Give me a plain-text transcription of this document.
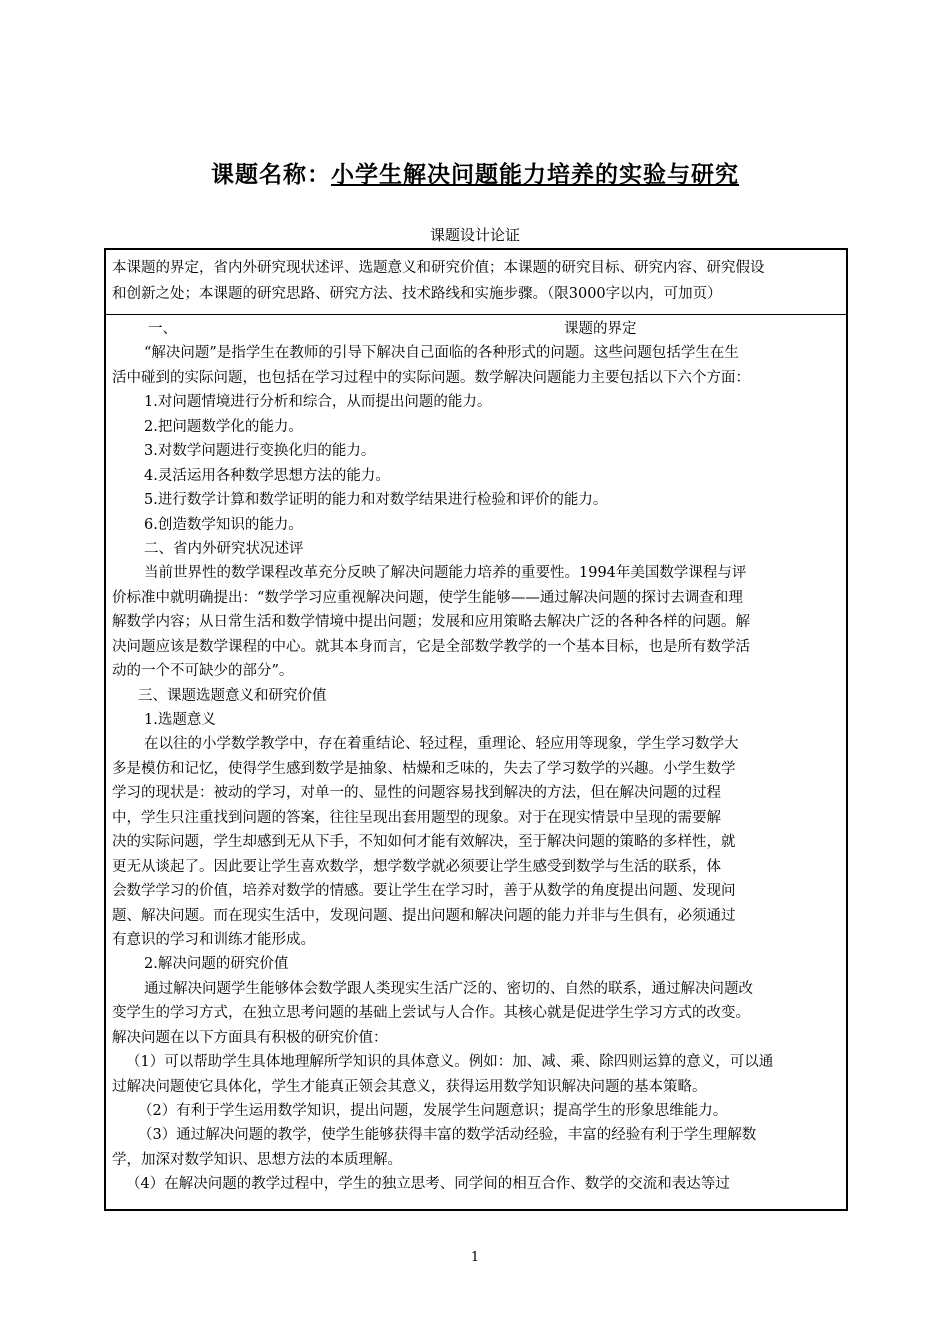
课题名称：小学生解决问题能力培养的实验与研究
课题设计论证
本课题的界定，省内外研究现状述评、选题意义和研究价值；本课题的研究目标、研究内容、研究假设
和创新之处；本课题的研究思路、研究方法、技术路线和实施步骤。（限3000字以内，可加页）
一、	课题的界定
“解决问题”是指学生在教师的引导下解决自己面临的各种形式的问题。这些问题包括学生在生
活中碰到的实际问题，也包括在学习过程中的实际问题。数学解决问题能力主要包括以下六个方面：
1.对问题情境进行分析和综合，从而提出问题的能力。
2.把问题数学化的能力。
3.对数学问题进行变换化归的能力。
4.灵活运用各种数学思想方法的能力。
5.进行数学计算和数学证明的能力和对数学结果进行检验和评价的能力。
6.创造数学知识的能力。
二、省内外研究状况述评
当前世界性的数学课程改革充分反映了解决问题能力培养的重要性。1994年美国数学课程与评
价标准中就明确提出：“数学学习应重视解决问题，使学生能够——通过解决问题的探讨去调查和理
解数学内容；从日常生活和数学情境中提出问题；发展和应用策略去解决广泛的各种各样的问题。解
决问题应该是数学课程的中心。就其本身而言，它是全部数学教学的一个基本目标，也是所有数学活
动的一个不可缺少的部分”。
三、课题选题意义和研究价值
1.选题意义
在以往的小学数学教学中，存在着重结论、轻过程，重理论、轻应用等现象，学生学习数学大
多是模仿和记忆，使得学生感到数学是抽象、枯燥和乏味的，失去了学习数学的兴趣。小学生数学
学习的现状是：被动的学习，对单一的、显性的问题容易找到解决的方法，但在解决问题的过程
中，学生只注重找到问题的答案，往往呈现出套用题型的现象。对于在现实情景中呈现的需要解
决的实际问题，学生却感到无从下手，不知如何才能有效解决，至于解决问题的策略的多样性，就
更无从谈起了。因此要让学生喜欢数学，想学数学就必须要让学生感受到数学与生活的联系，体
会数学学习的价值，培养对数学的情感。要让学生在学习时，善于从数学的角度提出问题、发现问
题、解决问题。而在现实生活中，发现问题、提出问题和解决问题的能力并非与生俱有，必须通过
有意识的学习和训练才能形成。
2.解决问题的研究价值
通过解决问题学生能够体会数学跟人类现实生活广泛的、密切的、自然的联系，通过解决问题改
变学生的学习方式，在独立思考问题的基础上尝试与人合作。其核心就是促进学生学习方式的改变。
解决问题在以下方面具有积极的研究价值：
（1）可以帮助学生具体地理解所学知识的具体意义。例如：加、减、乘、除四则运算的意义，可以通
过解决问题使它具体化，学生才能真正领会其意义，获得运用数学知识解决问题的基本策略。
（2）有利于学生运用数学知识，提出问题，发展学生问题意识；提高学生的形象思维能力。
（3）通过解决问题的教学，使学生能够获得丰富的数学活动经验，丰富的经验有利于学生理解数
学，加深对数学知识、思想方法的本质理解。
（4）在解决问题的教学过程中，学生的独立思考、同学间的相互合作、数学的交流和表达等过
1
